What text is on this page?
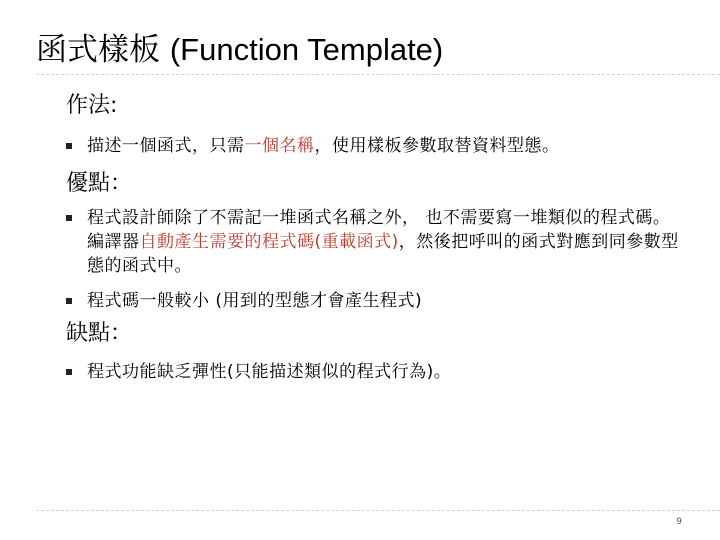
函式樣板 (Function Template)
作法:
描述一個函式，只需一個名稱，使用樣板參數取替資料型態。
優點：
程式設計師除了不需記一堆函式名稱之外， 也不需要寫一堆類似的程式碼。編譯器自動產生需要的程式碼(重載函式)，然後把呼叫的函式對應到同參數型態的函式中。
程式碼一般較小 (用到的型態才會產生程式)
缺點：
程式功能缺乏彈性(只能描述類似的程式行為)。
9
